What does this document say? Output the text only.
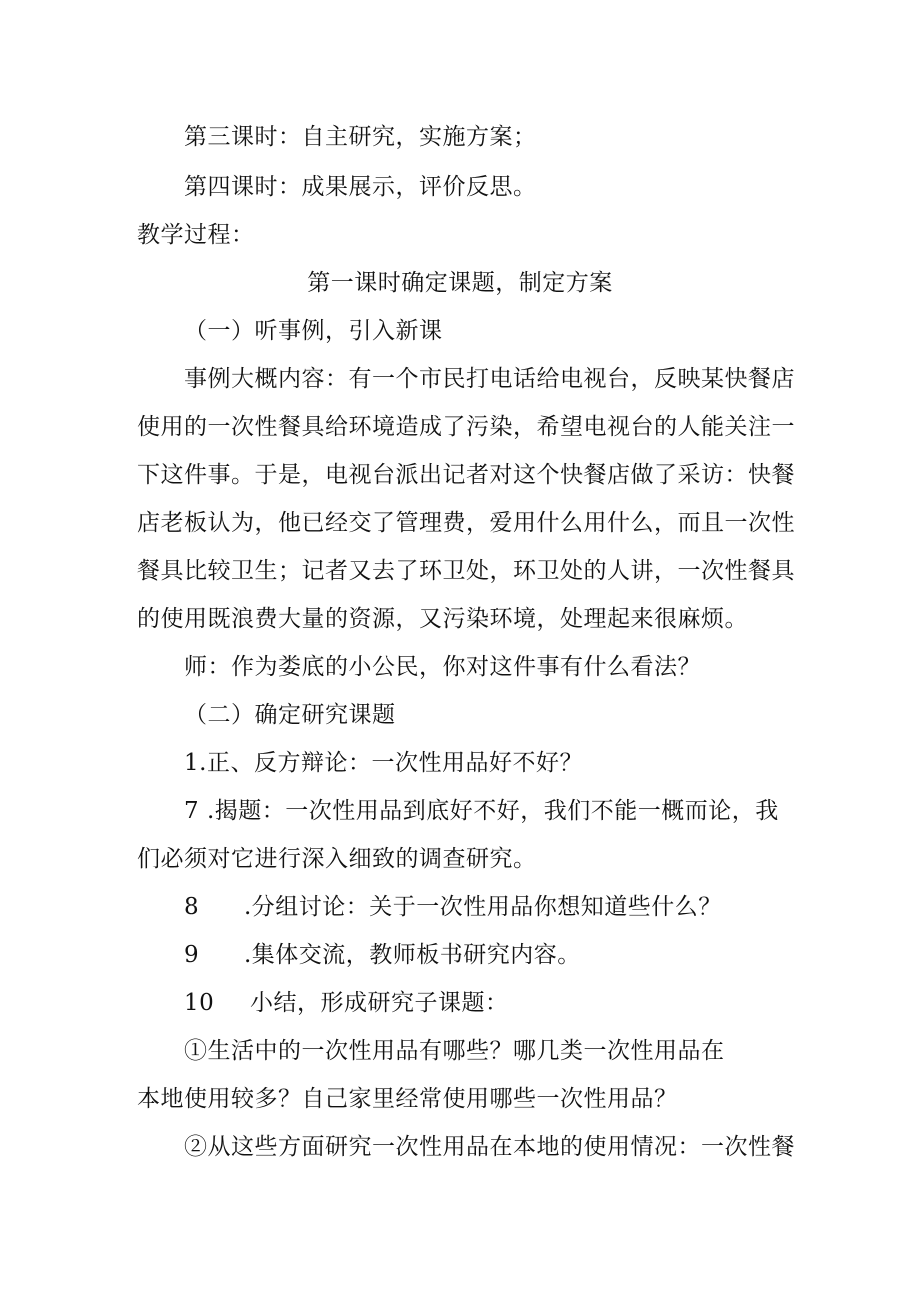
第三课时：自主研究，实施方案；
第四课时：成果展示，评价反思。
教学过程：
第一课时确定课题，制定方案
（一）听事例，引入新课
事例大概内容：有一个市民打电话给电视台，反映某快餐店
使用的一次性餐具给环境造成了污染，希望电视台的人能关注一
下这件事。于是，电视台派出记者对这个快餐店做了采访：快餐
店老板认为，他已经交了管理费，爱用什么用什么，而且一次性
餐具比较卫生；记者又去了环卫处，环卫处的人讲，一次性餐具
的使用既浪费大量的资源，又污染环境，处理起来很麻烦。
师：作为娄底的小公民，你对这件事有什么看法？
（二）确定研究课题
1.正、反方辩论：一次性用品好不好？
7 .揭题：一次性用品到底好不好，我们不能一概而论，我
们必须对它进行深入细致的调查研究。
8 .分组讨论：关于一次性用品你想知道些什么？
9 .集体交流，教师板书研究内容。
10 小结，形成研究子课题：
①生活中的一次性用品有哪些？哪几类一次性用品在
本地使用较多？自己家里经常使用哪些一次性用品？
②从这些方面研究一次性用品在本地的使用情况：一次性餐
